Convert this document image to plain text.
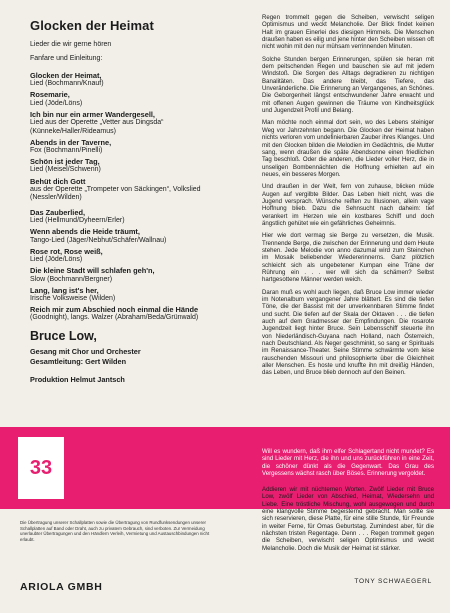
33
Glocken der Heimat

Lieder die wir gerne hören

Fanfare und Einleitung:

Glocken der Heimat,
Lied (Bochmann/Knauf)
Rosemarie,
Lied (Jöde/Löns)
Ich bin nur ein armer Wandergesell,
Lied aus der Operette „Vetter aus Dingsda“ (Künneke/Haller/Rideamus)
Abends in der Taverne,
Fox (Bochmann/Pinelli)
Schön ist jeder Tag,
Lied (Meisel/Schwenn)
Behüt dich Gott
aus der Operette „Trompeter von Säckingen“, Volkslied (Nessler/Wilden)
Das Zauberlied,
Lied (Hellmund/Dyheern/Erler)
Wenn abends die Heide träumt,
Tango-Lied (Jäger/Nebhut/Schäfer/Wallnau)
Rose rot, Rose weiß,
Lied (Jöde/Löns)
Die kleine Stadt will schlafen geh'n,
Slow (Bochmann/Bergner)
Lang, lang ist's her,
Irische Volksweise (Wilden)
Reich mir zum Abschied noch einmal die Hände
(Goodnight), langs. Walzer (Abraham/Beda/Grünwald)
Bruce Low,
Gesang mit Chor und Orchester
Gesamtleitung: Gert Wilden
Produktion Helmut Jantsch

Regen trommelt gegen die Scheiben, verwischt seligen Optimismus und weckt Melancholie. Der Blick findet keinen Halt im grauen Einerlei des diesigen Himmels. Die Menschen draußen haben es eilig und jene hinter den Scheiben wissen oft nicht wohin mit den nur mühsam verrinnenden Minuten.

Solche Stunden bergen Erinnerungen, spülen sie heran mit dem peitschenden Regen und bauschen sie auf mit jedem Windstoß. Die Sorgen des Alltags degradieren zu nichtigen Banalitäten. Das andere bleibt, das Tiefere, das Unveränderliche. Die Erinnerung an Vergangenes, an Schönes. Die Geborgenheit längst entschwundener Jahre erwacht und mit offenen Augen gewinnen die Träume von Kindheitsglück und Jugendzeit Profil und Belang.

Man möchte noch einmal dort sein, wo des Lebens steiniger Weg vor Jahrzehnten begann. Die Glocken der Heimat haben nichts verloren vom undefinierbaren Zauber ihres Klanges. Und mit den Glocken bilden die Melodien im Gedächtnis, die Mutter sang, wenn draußen die späte Abendsonne einen friedlichen Tag beschloß. Oder die anderen, die Lieder voller Herz, die in unseligen Bombennächten die Hoffnung erhielten auf ein neues, ein besseres Morgen.

Und draußen in der Welt, fern von zuhause, blicken müde Augen auf vergilbte Bilder. Das Leben hielt nicht, was die Jugend versprach. Wünsche reiften zu Illusionen, allein vage Hoffnung blieb. Dazu die Sehnsucht nach daheim: tief verankert im Herzen wie ein kostbares Schiff und doch ängstlich gehütet wie ein gefährliches Geheimnis.

Hier wie dort vermag sie Berge zu versetzen, die Musik. Trennende Berge, die zwischen der Erinnerung und dem Heute stehen. Jede Melodie von anno dazumal wird zum Steinchen im Mosaik beliebender Wiedererinnerns. Ganz plötzlich schleicht sich als ungebetener Kumpan eine Träne der Rührung ein . . . wer will sich da schämen? Selbst hartgesottene Männer werden weich.

Daran muß es wohl auch liegen, daß Bruce Low immer wieder im Notenalbum vergangener Jahre blättert. Es sind die tiefen Töne, die der Bassist mit der unverkennbaren Stimme findet und sucht. Die tiefen auf der Skala der Oktaven . . . die tiefen auch auf dem Gradmesser der Empfindungen. Die rosarote Jugendzeit liegt hinter Bruce. Sein Lebensschiff steuerte ihn von Niederländisch-Guyana nach Holland, nach Österreich, nach Deutschland. Als Neger geschminkt, so sang er Spirituals im Renaissance-Theater. Seine Stimme schwärmte vom leise rauschenden Missouri und philosophierte über die Gleichheit aller Menschen. Es hoste und knuffte ihn mit dreißig Händen, das Leben, und Bruce blieb dennoch auf den Beinen.

Will es wundern, daß ihm elfer Schlagertand nicht mundet? Es sind Lieder mit Herz, die ihn und uns zurückführen in eine Zeit, die schöner dünkt als die Gegenwart. Das Grau des Vergessens wächst rasch über Böses. Erinnerung vergoldet.

Addieren wir mit nüchternen Worten. Zwölf Lieder mit Bruce Low, zwölf Lieder von Abschied, Heimat, Wiedersehn und Liebe. Eine tröstliche Mischung, wohl ausgewogen und durch eine klangvolle Stimme begeisternd gebracht. Man sollte sie sich reservieren, diese Platte, für eine stille Stunde, für Freunde in weiter Ferne, für Omas Geburtstag. Zumindest aber, für die nächsten tristen Regentage. Denn . . . Regen trommelt gegen die Scheiben, verwischt seligen Optimismus und weckt Melancholie. Doch die Musik der Heimat ist stärker.

TONY SCHWAEGERL
Die Übertragung unserer Schallplatten sowie die Übertragung von Rundfunksendungen unserer Schallplatten auf Band oder Draht, auch zu privatem Gebrauch, sind verboten. Zur Vermeidung unerlaubter Übertragungen und den Händlern Verleih, Vermietung und Austauschbindungen nicht erlaubt.
ARIOLA GMBH
